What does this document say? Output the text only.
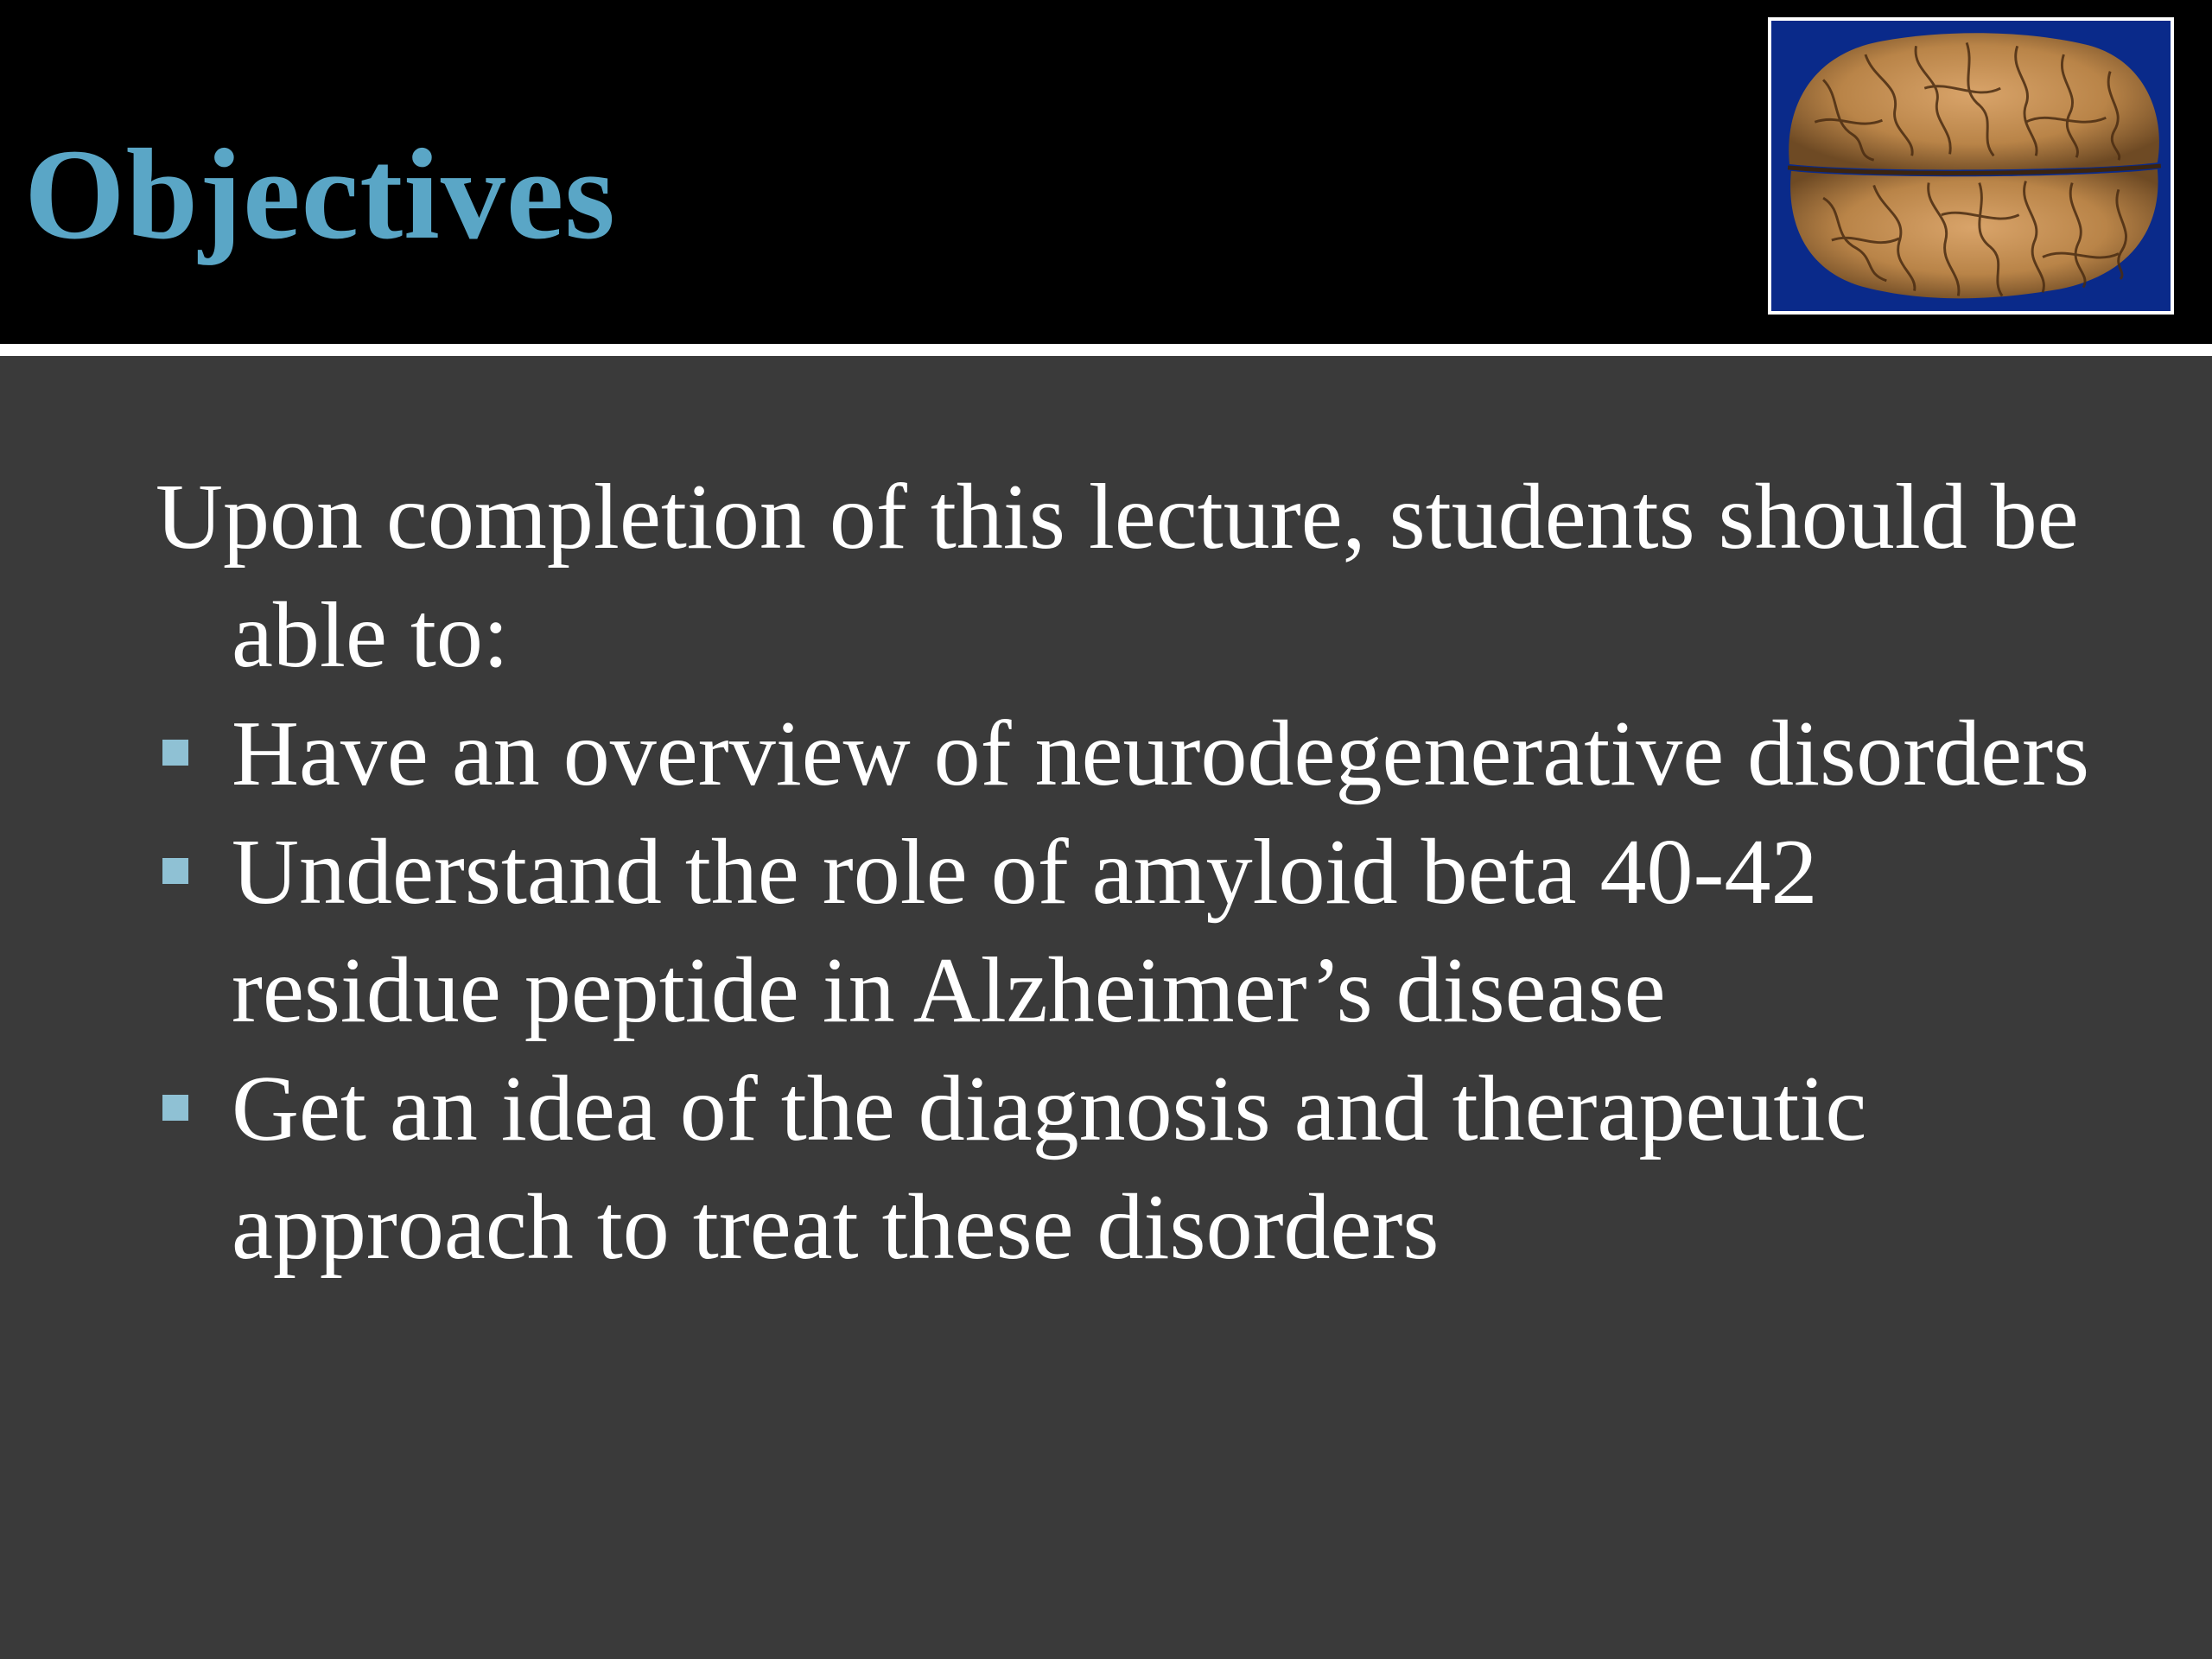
Objectives

Upon completion of this lecture, students should be able to:

Have an overview of neurodegenerative disorders
Understand the role of amyloid beta 40-42 residue peptide in Alzheimer’s disease
Get an idea of the diagnosis and therapeutic approach to treat these disorders
